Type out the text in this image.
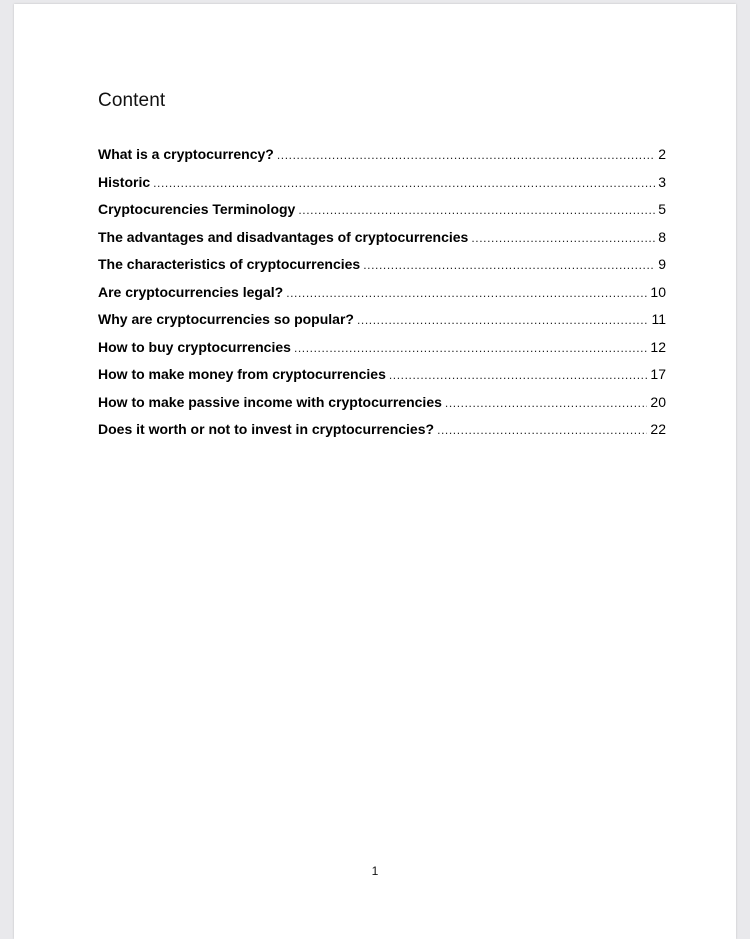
Content
What is a cryptocurrency? .....	2
Historic .....	3
Cryptocurencies Terminology .....	5
The advantages and disadvantages of cryptocurrencies .....	8
The characteristics of cryptocurrencies .....	9
Are cryptocurrencies legal? .....	10
Why are cryptocurrencies so popular? .....	11
How to buy cryptocurrencies .....	12
How to make money from cryptocurrencies .....	17
How to make passive income with cryptocurrencies .....	20
Does it worth or not to invest in cryptocurrencies? .....	22
1
